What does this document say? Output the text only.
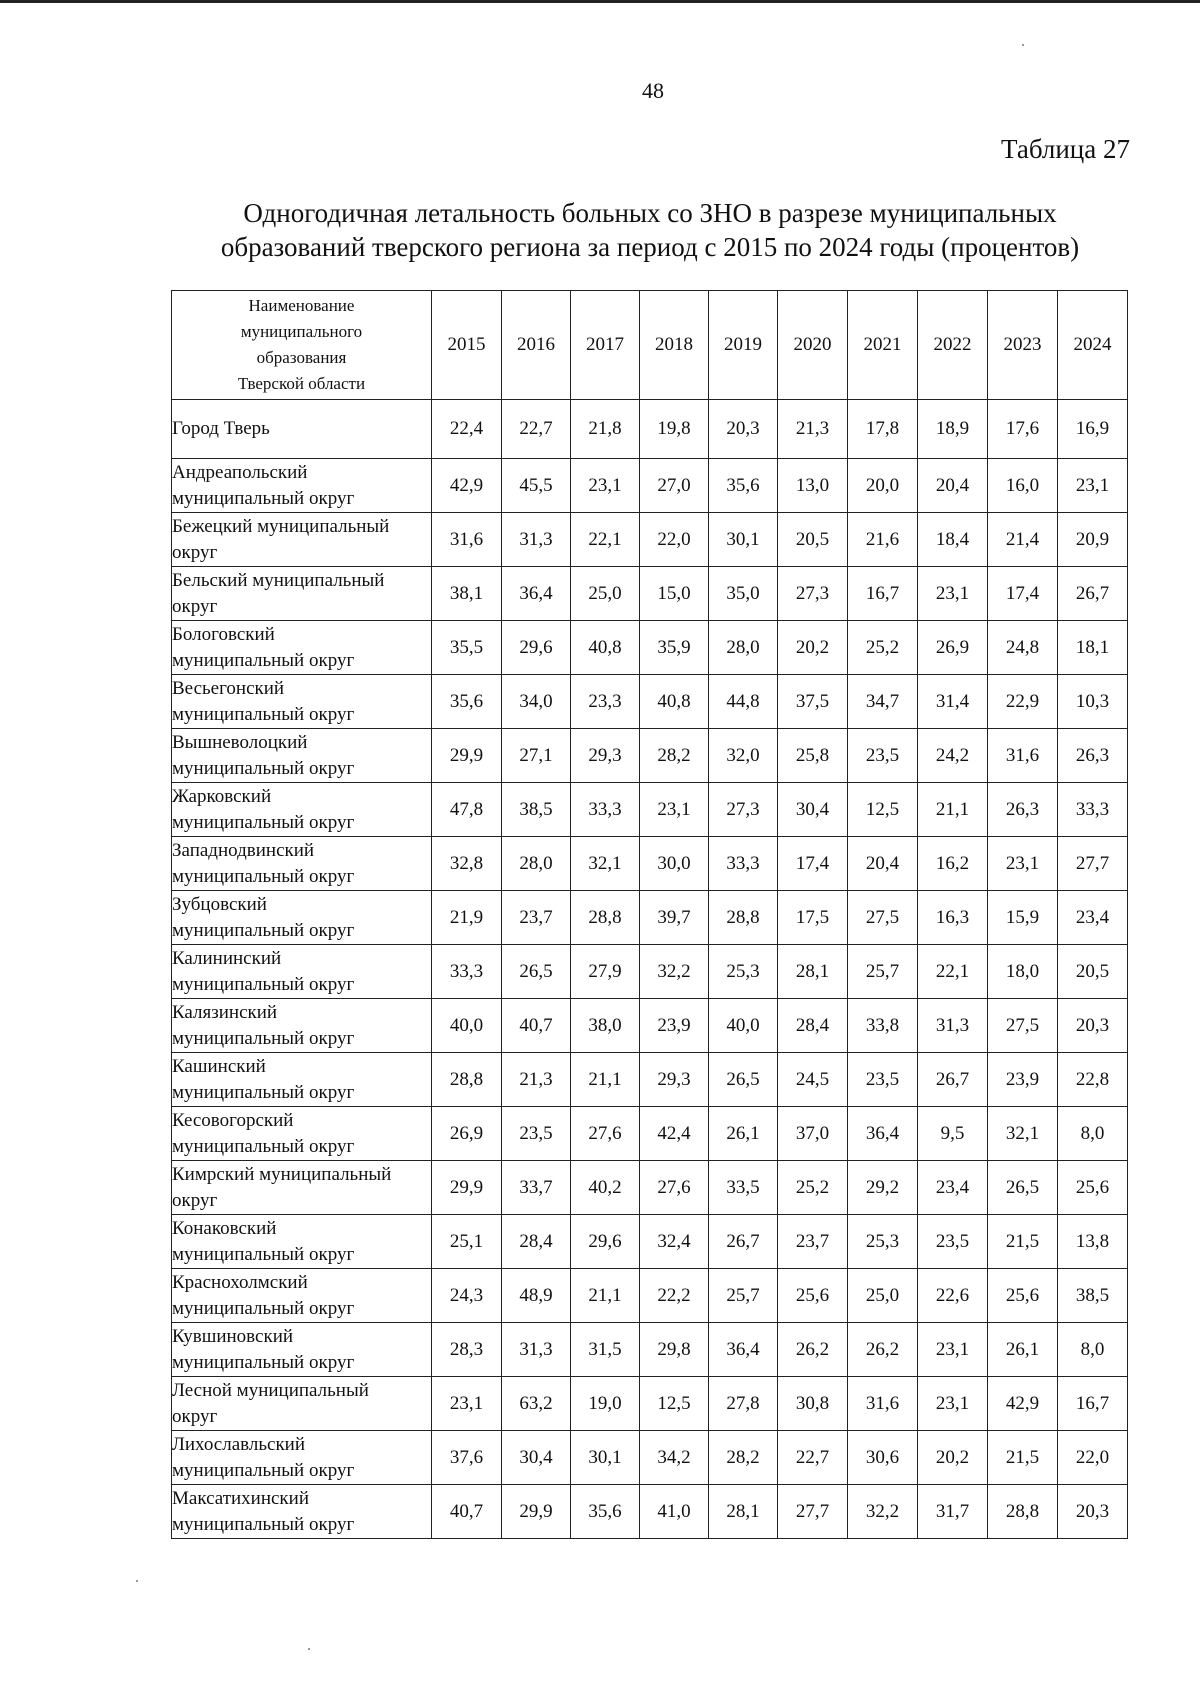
48
Таблица 27
Одногодичная летальность больных со ЗНО в разрезе муниципальных
образований тверского региона за период с 2015 по 2024 годы (процентов)
Наименование
муниципального
образования
Тверской области	2015	2016	2017	2018	2019	2020	2021	2022	2023	2024

Город Тверь	22,4	22,7	21,8	19,8	20,3	21,3	17,8	18,9	17,6	16,9

Андреапольский
муниципальный округ	42,9	45,5	23,1	27,0	35,6	13,0	20,0	20,4	16,0	23,1

Бежецкий муниципальный
округ	31,6	31,3	22,1	22,0	30,1	20,5	21,6	18,4	21,4	20,9

Бельский муниципальный
округ	38,1	36,4	25,0	15,0	35,0	27,3	16,7	23,1	17,4	26,7

Бологовский
муниципальный округ	35,5	29,6	40,8	35,9	28,0	20,2	25,2	26,9	24,8	18,1

Весьегонский
муниципальный округ	35,6	34,0	23,3	40,8	44,8	37,5	34,7	31,4	22,9	10,3

Вышневолоцкий
муниципальный округ	29,9	27,1	29,3	28,2	32,0	25,8	23,5	24,2	31,6	26,3

Жарковский
муниципальный округ	47,8	38,5	33,3	23,1	27,3	30,4	12,5	21,1	26,3	33,3

Западнодвинский
муниципальный округ	32,8	28,0	32,1	30,0	33,3	17,4	20,4	16,2	23,1	27,7

Зубцовский
муниципальный округ	21,9	23,7	28,8	39,7	28,8	17,5	27,5	16,3	15,9	23,4

Калининский
муниципальный округ	33,3	26,5	27,9	32,2	25,3	28,1	25,7	22,1	18,0	20,5

Калязинский
муниципальный округ	40,0	40,7	38,0	23,9	40,0	28,4	33,8	31,3	27,5	20,3

Кашинский
муниципальный округ	28,8	21,3	21,1	29,3	26,5	24,5	23,5	26,7	23,9	22,8

Кесовогорский
муниципальный округ	26,9	23,5	27,6	42,4	26,1	37,0	36,4	9,5	32,1	8,0

Кимрский муниципальный
округ	29,9	33,7	40,2	27,6	33,5	25,2	29,2	23,4	26,5	25,6

Конаковский
муниципальный округ	25,1	28,4	29,6	32,4	26,7	23,7	25,3	23,5	21,5	13,8

Краснохолмский
муниципальный округ	24,3	48,9	21,1	22,2	25,7	25,6	25,0	22,6	25,6	38,5

Кувшиновский
муниципальный округ	28,3	31,3	31,5	29,8	36,4	26,2	26,2	23,1	26,1	8,0

Лесной муниципальный
округ	23,1	63,2	19,0	12,5	27,8	30,8	31,6	23,1	42,9	16,7

Лихославльский
муниципальный округ	37,6	30,4	30,1	34,2	28,2	22,7	30,6	20,2	21,5	22,0

Максатихинский
муниципальный округ	40,7	29,9	35,6	41,0	28,1	27,7	32,2	31,7	28,8	20,3
